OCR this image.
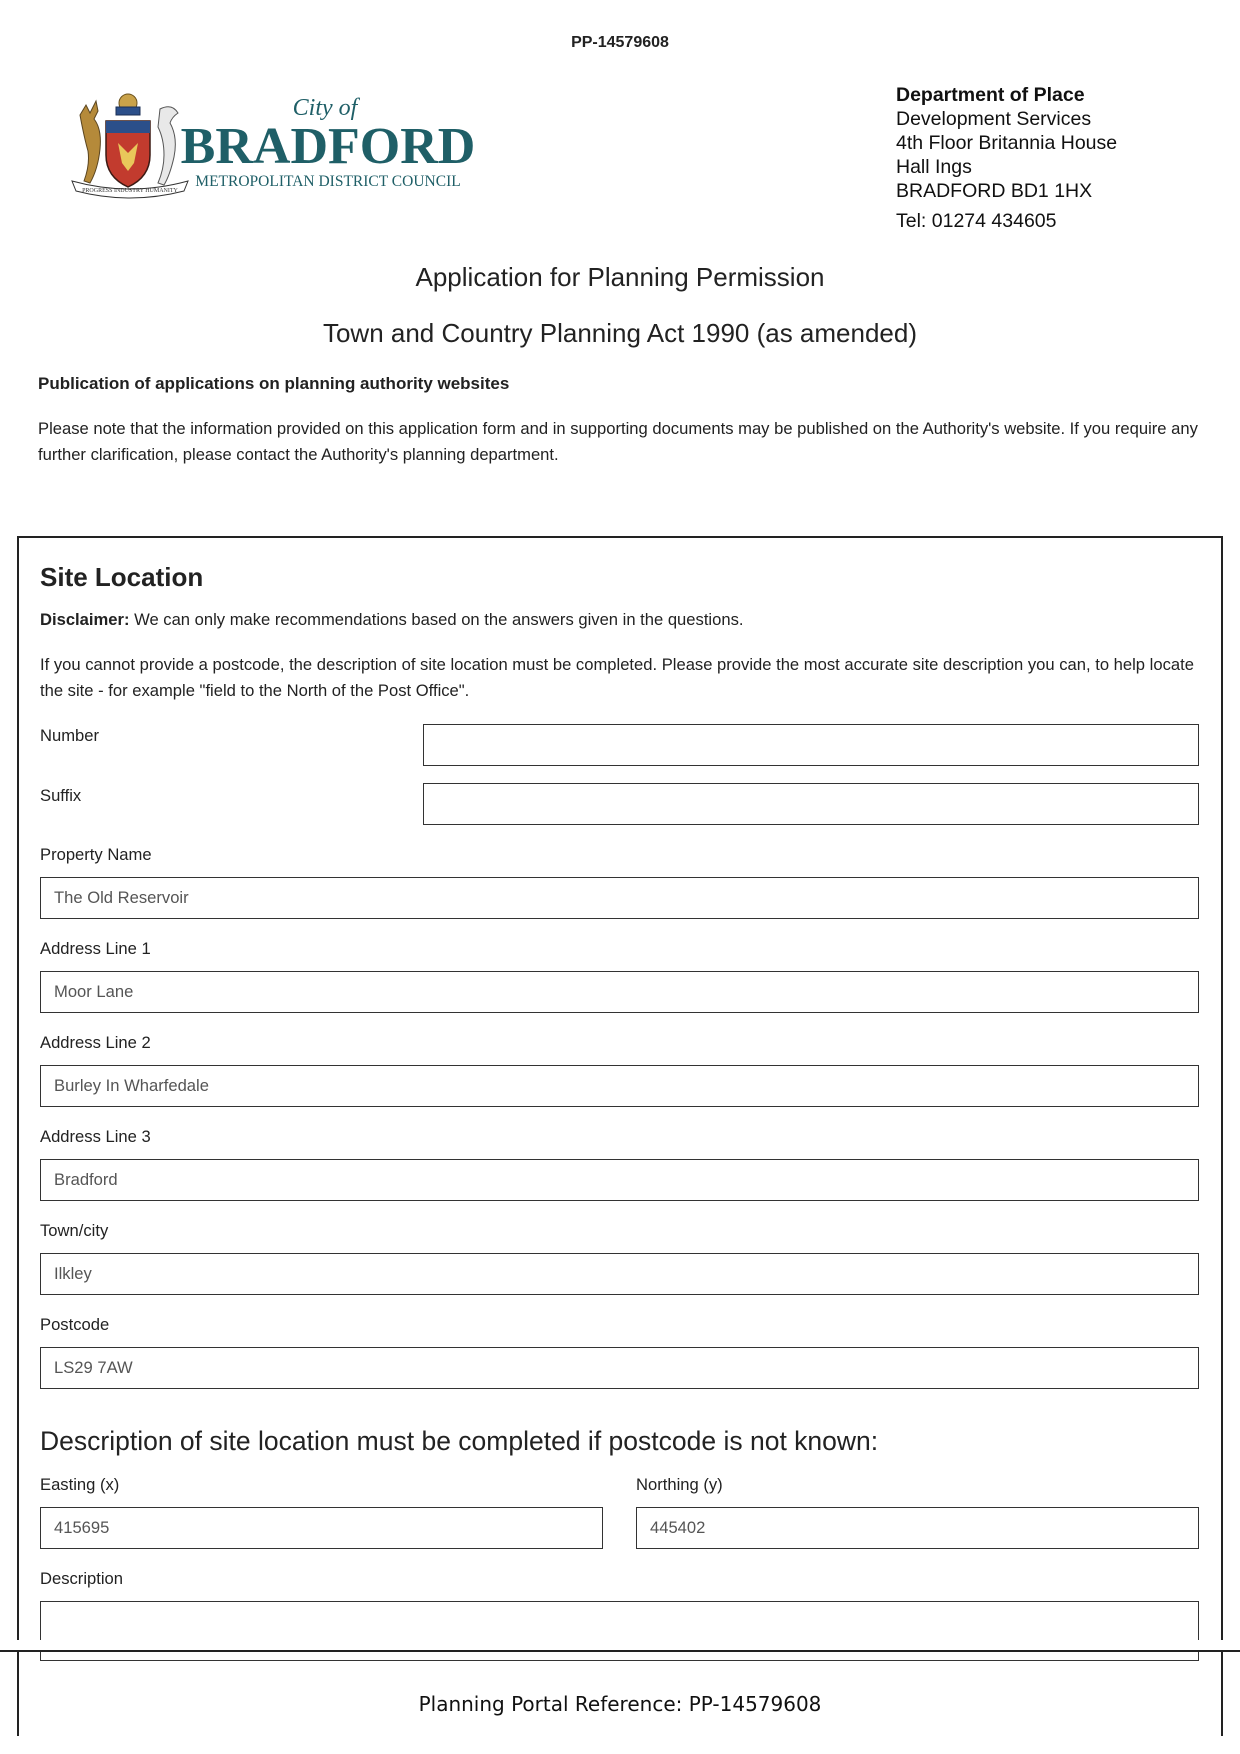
PP-14579608
City of
BRADFORD
METROPOLITAN DISTRICT COUNCIL
PROGRESS INDUSTRY HUMANITY
Department of Place
Development Services
4th Floor Britannia House
Hall Ings
BRADFORD BD1 1HX
Tel: 01274 434605
Application for Planning Permission
Town and Country Planning Act 1990 (as amended)
Publication of applications on planning authority websites
Please note that the information provided on this application form and in supporting documents may be published on the Authority's website. If you require any further clarification, please contact the Authority's planning department.
Site Location
Disclaimer: We can only make recommendations based on the answers given in the questions.
If you cannot provide a postcode, the description of site location must be completed. Please provide the most accurate site description you can, to help locate the site - for example "field to the North of the Post Office".
Number
Suffix
Property Name
The Old Reservoir
Address Line 1
Moor Lane
Address Line 2
Burley In Wharfedale
Address Line 3
Bradford
Town/city
Ilkley
Postcode
LS29 7AW
Description of site location must be completed if postcode is not known:
Easting (x)
415695
Northing (y)
445402
Description
Planning Portal Reference: PP-14579608
